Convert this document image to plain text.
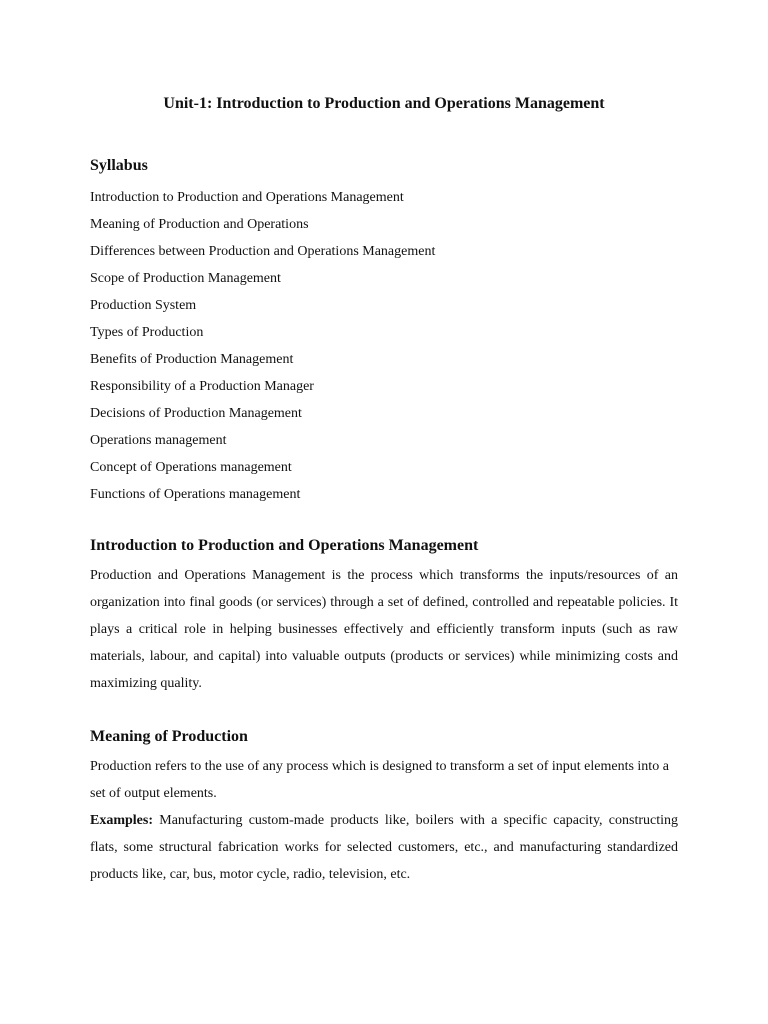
Unit-1: Introduction to Production and Operations Management
Syllabus
Introduction to Production and Operations Management
Meaning of Production and Operations
Differences between Production and Operations Management
Scope of Production Management
Production System
Types of Production
Benefits of Production Management
Responsibility of a Production Manager
Decisions of Production Management
Operations management
Concept of Operations management
Functions of Operations management
Introduction to Production and Operations Management

Production and Operations Management is the process which transforms the inputs/resources of an organization into final goods (or services) through a set of defined, controlled and repeatable policies. It plays a critical role in helping businesses effectively and efficiently transform inputs (such as raw materials, labour, and capital) into valuable outputs (products or services) while minimizing costs and maximizing quality.

Meaning of Production

Production refers to the use of any process which is designed to transform a set of input elements into a set of output elements.

Examples: Manufacturing custom-made products like, boilers with a specific capacity, constructing flats, some structural fabrication works for selected customers, etc., and manufacturing standardized products like, car, bus, motor cycle, radio, television, etc.
